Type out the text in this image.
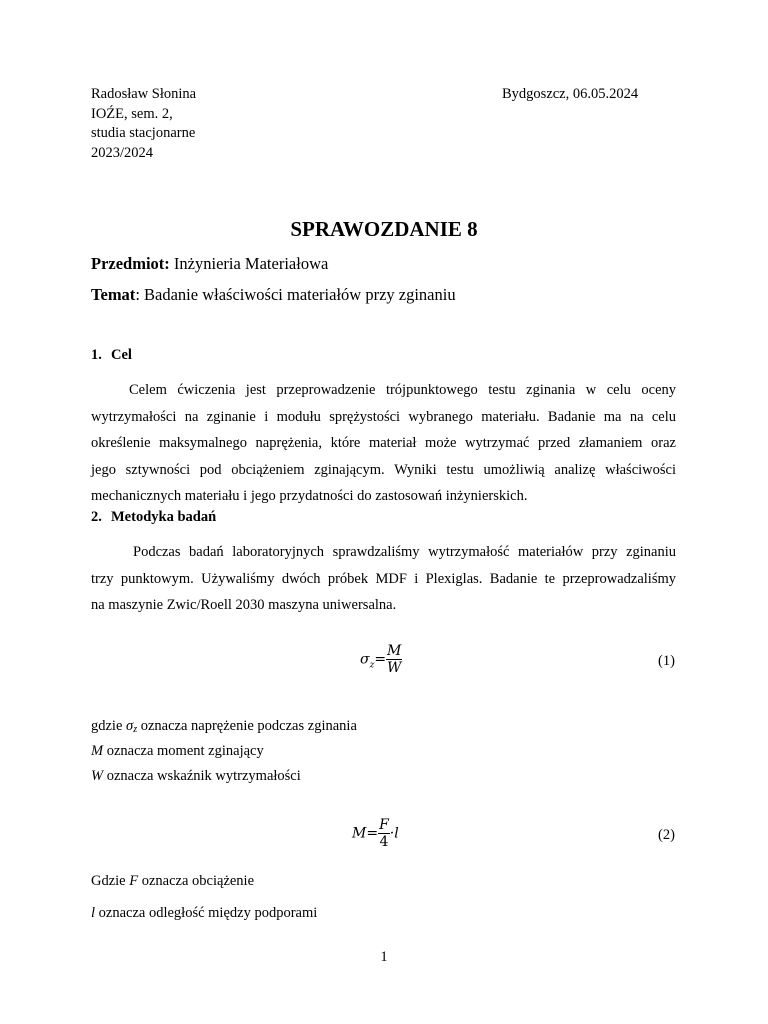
Radosław Słonina
IOŹE, sem. 2,
studia stacjonarne
2023/2024
Bydgoszcz, 06.05.2024
SPRAWOZDANIE 8
Przedmiot: Inżynieria Materiałowa
Temat: Badanie właściwości materiałów przy zginaniu
1. Cel
Celem ćwiczenia jest przeprowadzenie trójpunktowego testu zginania w celu oceny
wytrzymałości na zginanie i modułu sprężystości wybranego materiału. Badanie ma na celu
określenie maksymalnego naprężenia, które materiał może wytrzymać przed złamaniem oraz
jego sztywności pod obciążeniem zginającym. Wyniki testu umożliwią analizę właściwości
mechanicznych materiału i jego przydatności do zastosowań inżynierskich.
2. Metodyka badań
Podczas badań laboratoryjnych sprawdzaliśmy wytrzymałość materiałów przy zginaniu
trzy punktowym. Używaliśmy dwóch próbek MDF i Plexiglas. Badanie te przeprowadzaliśmy
na maszynie Zwic/Roell 2030 maszyna uniwersalna.
$\sigma_z= \frac{M}{W}$	(1)
gdzie σz oznacza naprężenie podczas zginania
M oznacza moment zginający
W oznacza wskaźnik wytrzymałości
$M= \frac{F}{4} \cdot l$	(2)
Gdzie F oznacza obciążenie
l oznacza odległość między podporami
1
